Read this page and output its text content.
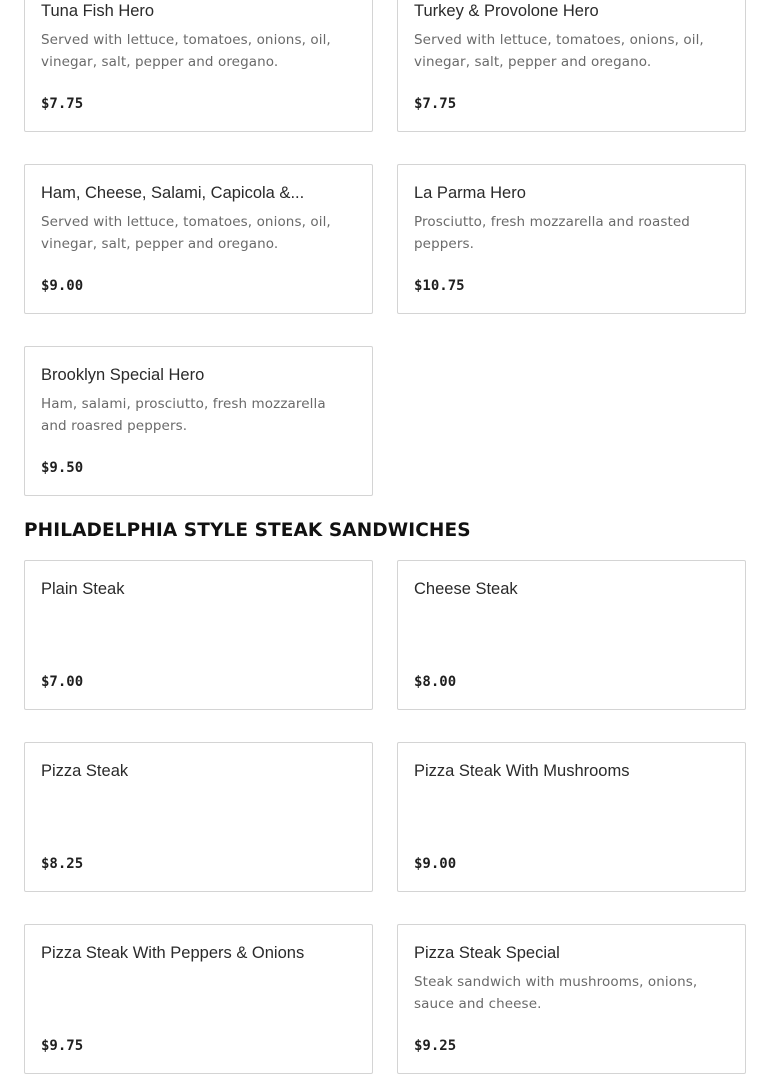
Tuna Fish Hero
Served with lettuce, tomatoes, onions, oil, vinegar, salt, pepper and oregano.
$7.75
Turkey & Provolone Hero
Served with lettuce, tomatoes, onions, oil, vinegar, salt, pepper and oregano.
$7.75
Ham, Cheese, Salami, Capicola &...
Served with lettuce, tomatoes, onions, oil, vinegar, salt, pepper and oregano.
$9.00
La Parma Hero
Prosciutto, fresh mozzarella and roasted peppers.
$10.75
Brooklyn Special Hero
Ham, salami, prosciutto, fresh mozzarella and roasred peppers.
$9.50
PHILADELPHIA STYLE STEAK SANDWICHES
Plain Steak
$7.00
Cheese Steak
$8.00
Pizza Steak
$8.25
Pizza Steak With Mushrooms
$9.00
Pizza Steak With Peppers & Onions
$9.75
Pizza Steak Special
Steak sandwich with mushrooms, onions, sauce and cheese.
$9.25
